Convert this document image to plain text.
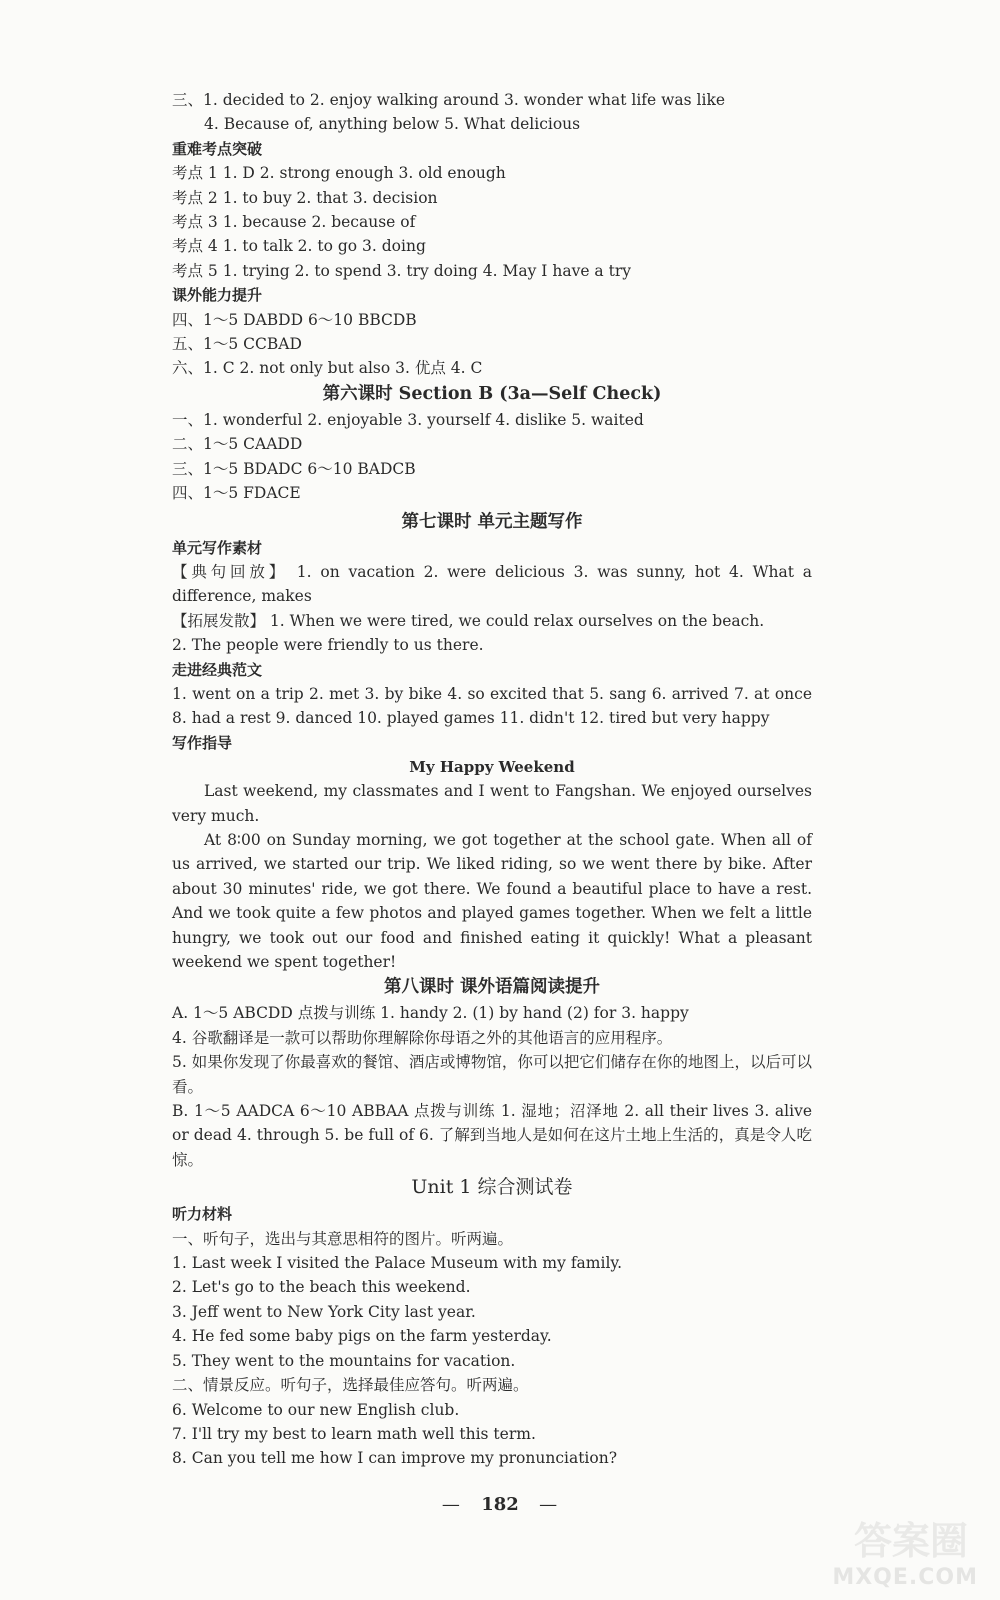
三、1. decided to 2. enjoy walking around 3. wonder what life was like
4. Because of, anything below 5. What delicious
重难考点突破
考点 1 1. D 2. strong enough 3. old enough
考点 2 1. to buy 2. that 3. decision
考点 3 1. because 2. because of
考点 4 1. to talk 2. to go 3. doing
考点 5 1. trying 2. to spend 3. try doing 4. May I have a try
课外能力提升
四、1～5 DABDD 6～10 BBCDB
五、1～5 CCBAD
六、1. C 2. not only but also 3. 优点 4. C
第六课时 Section B (3a—Self Check)
一、1. wonderful 2. enjoyable 3. yourself 4. dislike 5. waited
二、1～5 CAADD
三、1～5 BDADC 6～10 BADCB
四、1～5 FDACE
第七课时 单元主题写作
单元写作素材
【典句回放】 1. on vacation 2. were delicious 3. was sunny, hot 4. What a difference, makes
【拓展发散】 1. When we were tired, we could relax ourselves on the beach.
2. The people were friendly to us there.
走进经典范文
1. went on a trip 2. met 3. by bike 4. so excited that 5. sang 6. arrived 7. at once 8. had a rest 9. danced 10. played games 11. didn't 12. tired but very happy
写作指导
My Happy Weekend
Last weekend, my classmates and I went to Fangshan. We enjoyed ourselves very much.
At 8∶00 on Sunday morning, we got together at the school gate. When all of us arrived, we started our trip. We liked riding, so we went there by bike. After about 30 minutes' ride, we got there. We found a beautiful place to have a rest. And we took quite a few photos and played games together. When we felt a little hungry, we took out our food and finished eating it quickly! What a pleasant weekend we spent together!
第八课时 课外语篇阅读提升
A. 1～5 ABCDD 点拨与训练 1. handy 2. (1) by hand (2) for 3. happy
4. 谷歌翻译是一款可以帮助你理解除你母语之外的其他语言的应用程序。
5. 如果你发现了你最喜欢的餐馆、酒店或博物馆，你可以把它们储存在你的地图上，以后可以看。
B. 1～5 AADCA 6～10 ABBAA 点拨与训练 1. 湿地；沼泽地 2. all their lives 3. alive or dead 4. through 5. be full of 6. 了解到当地人是如何在这片土地上生活的，真是令人吃惊。
Unit 1 综合测试卷
听力材料
一、听句子，选出与其意思相符的图片。听两遍。
1. Last week I visited the Palace Museum with my family.
2. Let's go to the beach this weekend.
3. Jeff went to New York City last year.
4. He fed some baby pigs on the farm yesterday.
5. They went to the mountains for vacation.
二、情景反应。听句子，选择最佳应答句。听两遍。
6. Welcome to our new English club.
7. I'll try my best to learn math well this term.
8. Can you tell me how I can improve my pronunciation?
— 182 —
答案圈
MXQE.COM
